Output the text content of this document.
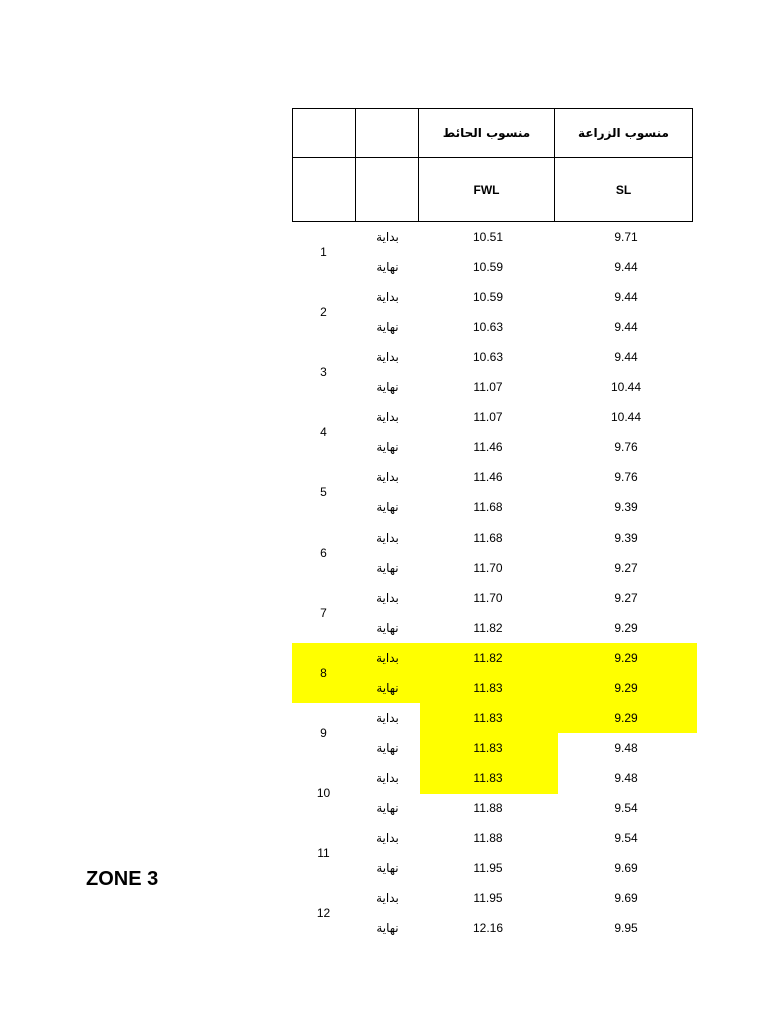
		منسوب الحائط	منسوب الزراعة
		FWL	SL
1
بداية	10.51	9.71
نهاية	10.59	9.44
2
بداية	10.59	9.44
نهاية	10.63	9.44
3
بداية	10.63	9.44
نهاية	11.07	10.44
4
بداية	11.07	10.44
نهاية	11.46	9.76
5
بداية	11.46	9.76
نهاية	11.68	9.39
6
بداية	11.68	9.39
نهاية	11.70	9.27
7
بداية	11.70	9.27
نهاية	11.82	9.29
8
بداية	11.82	9.29
نهاية	11.83	9.29
9
بداية	11.83	9.29
نهاية	11.83	9.48
10
بداية	11.83	9.48
نهاية	11.88	9.54
11
بداية	11.88	9.54
نهاية	11.95	9.69
12
بداية	11.95	9.69
نهاية	12.16	9.95
ZONE 3
